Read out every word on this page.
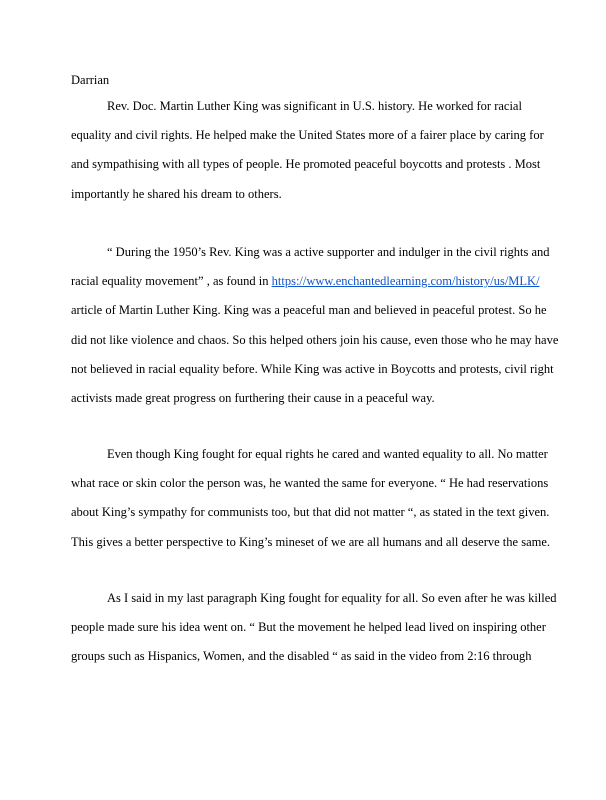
Darrian

Rev. Doc. Martin Luther King was significant in U.S. history. He worked for racial
equality and civil rights. He helped make the United States more of a fairer place by caring for
and sympathising with all types of people. He promoted peaceful boycotts and protests . Most
importantly he shared his dream to others.
“ During the 1950’s Rev. King was a active supporter and indulger in the civil rights and
racial equality movement” , as found in https://www.enchantedlearning.com/history/us/MLK/
article of Martin Luther King. King was a peaceful man and believed in peaceful protest. So he
did not like violence and chaos. So this helped others join his cause, even those who he may have
not believed in racial equality before. While King was active in Boycotts and protests, civil right
activists made great progress on furthering their cause in a peaceful way.
Even though King fought for equal rights he cared and wanted equality to all. No matter
what race or skin color the person was, he wanted the same for everyone. “ He had reservations
about King’s sympathy for communists too, but that did not matter “, as stated in the text given.
This gives a better perspective to King’s mineset of we are all humans and all deserve the same.
As I said in my last paragraph King fought for equality for all. So even after he was killed
people made sure his idea went on. “ But the movement he helped lead lived on inspiring other
groups such as Hispanics, Women, and the disabled “ as said in the video from 2:16 through
